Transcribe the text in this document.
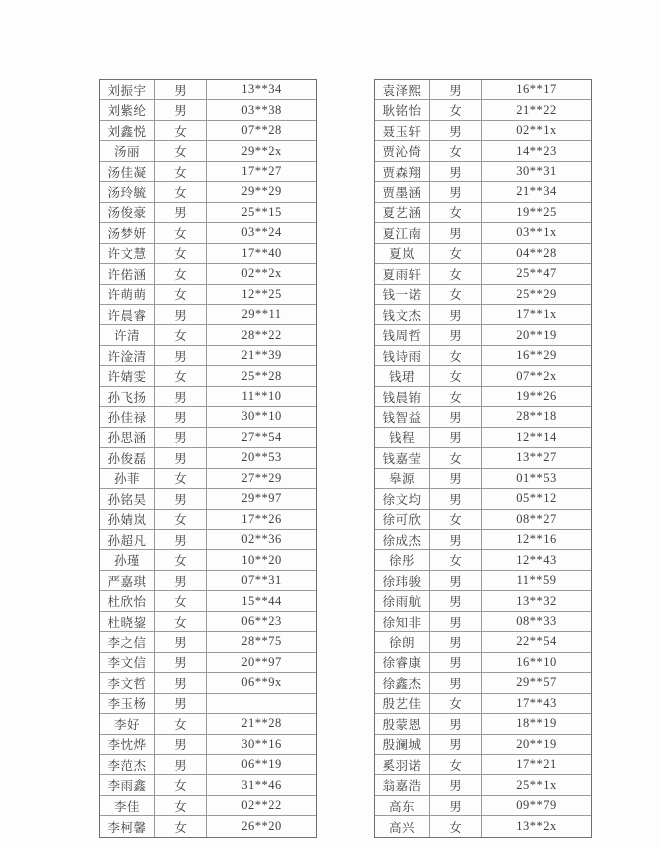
刘振宇	男	13**34
刘紫纶	男	03**38
刘鑫悦	女	07**28
汤丽	女	29**2x
汤佳凝	女	17**27
汤玲毓	女	29**29
汤俊豪	男	25**15
汤梦妍	女	03**24
许文慧	女	17**40
许偌涵	女	02**2x
许萌萌	女	12**25
许晨睿	男	29**11
许清	女	28**22
许淦清	男	21**39
许婧雯	女	25**28
孙飞扬	男	11**10
孙佳禄	男	30**10
孙思涵	男	27**54
孙俊磊	男	20**53
孙菲	女	27**29
孙铭昊	男	29**97
孙婧岚	女	17**26
孙超凡	男	02**36
孙瑾	女	10**20
严嘉琪	男	07**31
杜欣怡	女	15**44
杜晓鋆	女	06**23
李之信	男	28**75
李文信	男	20**97
李文哲	男	06**9x
李玉杨	男
李好	女	21**28
李忱烨	男	30**16
李范杰	男	06**19
李雨鑫	女	31**46
李佳	女	02**22
李柯馨	女	26**20
袁泽熙	男	16**17
耿铭怡	女	21**22
聂玉轩	男	02**1x
贾沁倚	女	14**23
贾森翔	男	30**31
贾墨涵	男	21**34
夏艺涵	女	19**25
夏江南	男	03**1x
夏岚	女	04**28
夏雨轩	女	25**47
钱一诺	女	25**29
钱文杰	男	17**1x
钱周哲	男	20**19
钱诗雨	女	16**29
钱珺	女	07**2x
钱晨铕	女	19**26
钱智益	男	28**18
钱程	男	12**14
钱嘉莹	女	13**27
皋源	男	01**53
徐文均	男	05**12
徐可欣	女	08**27
徐成杰	男	12**16
徐彤	女	12**43
徐玮骏	男	11**59
徐雨航	男	13**32
徐知非	男	08**33
徐朗	男	22**54
徐睿康	男	16**10
徐鑫杰	男	29**57
殷艺佳	女	17**43
殷蒙恩	男	18**19
殷澜城	男	20**19
奚羽诺	女	17**21
翁嘉浩	男	25**1x
高东	男	09**79
高兴	女	13**2x
